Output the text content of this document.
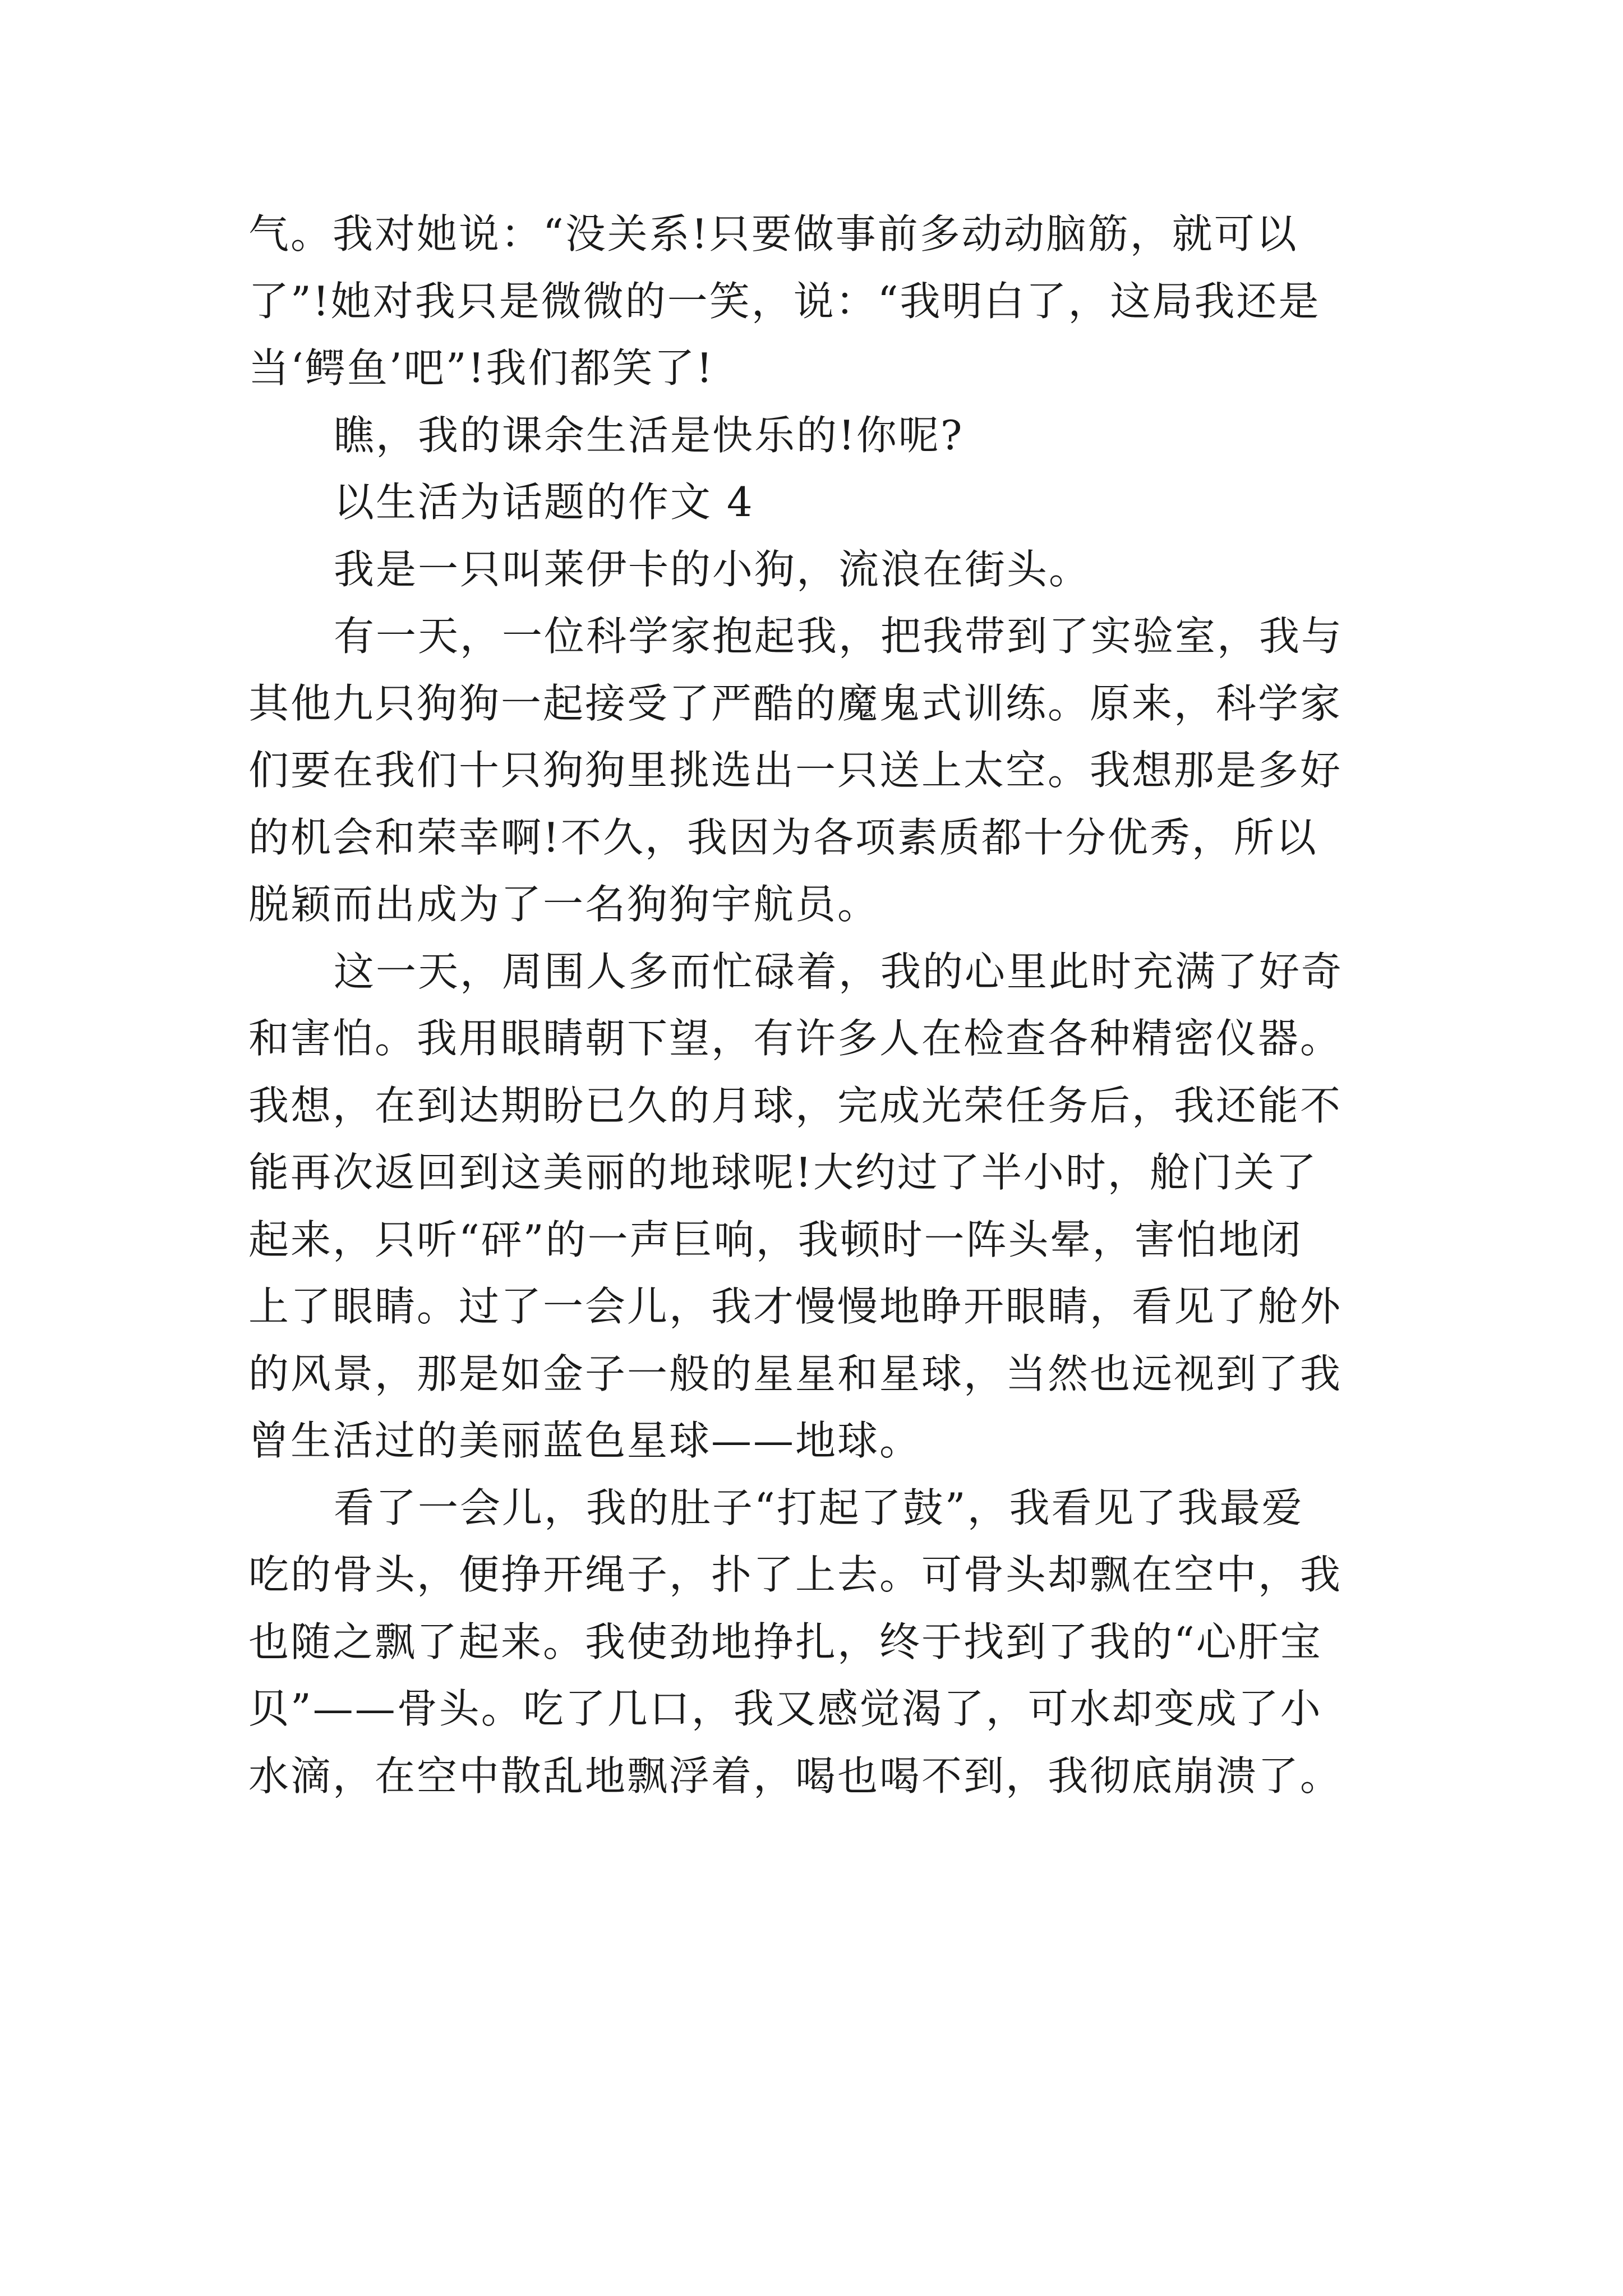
气。我对她说：“没关系!只要做事前多动动脑筋，就可以
了”!她对我只是微微的一笑，说：“我明白了，这局我还是
当‘鳄鱼’吧”!我们都笑了!
瞧，我的课余生活是快乐的!你呢?
以生活为话题的作文 4
我是一只叫莱伊卡的小狗，流浪在街头。
有一天，一位科学家抱起我，把我带到了实验室，我与
其他九只狗狗一起接受了严酷的魔鬼式训练。原来，科学家
们要在我们十只狗狗里挑选出一只送上太空。我想那是多好
的机会和荣幸啊!不久，我因为各项素质都十分优秀，所以
脱颖而出成为了一名狗狗宇航员。
这一天，周围人多而忙碌着，我的心里此时充满了好奇
和害怕。我用眼睛朝下望，有许多人在检查各种精密仪器。
我想，在到达期盼已久的月球，完成光荣任务后，我还能不
能再次返回到这美丽的地球呢!大约过了半小时，舱门关了
起来，只听“砰”的一声巨响，我顿时一阵头晕，害怕地闭
上了眼睛。过了一会儿，我才慢慢地睁开眼睛，看见了舱外
的风景，那是如金子一般的星星和星球，当然也远视到了我
曾生活过的美丽蓝色星球——地球。
看了一会儿，我的肚子“打起了鼓”，我看见了我最爱
吃的骨头，便挣开绳子，扑了上去。可骨头却飘在空中，我
也随之飘了起来。我使劲地挣扎，终于找到了我的“心肝宝
贝”——骨头。吃了几口，我又感觉渴了，可水却变成了小
水滴，在空中散乱地飘浮着，喝也喝不到，我彻底崩溃了。
